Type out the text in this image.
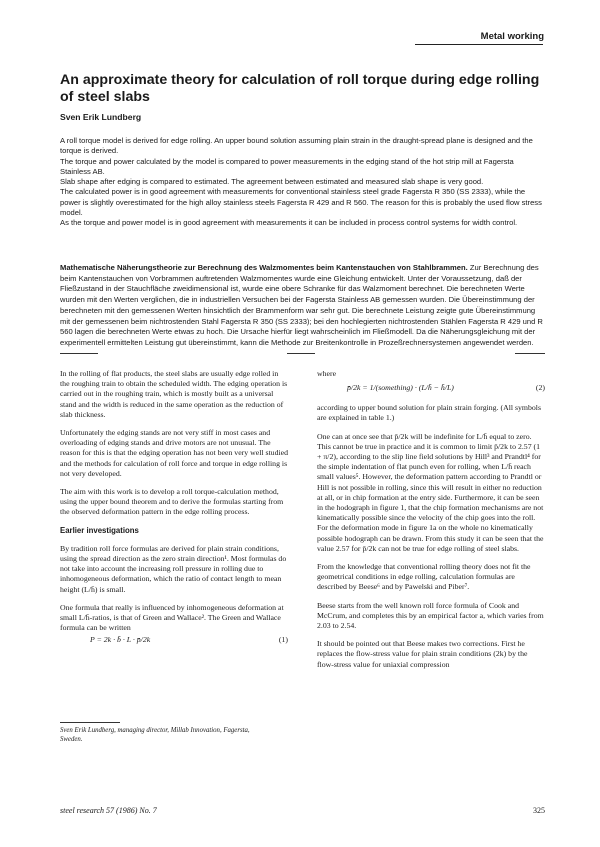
Metal working
An approximate theory for calculation of roll torque during edge rolling of steel slabs
Sven Erik Lundberg

A roll torque model is derived for edge rolling. An upper bound solution assuming plain strain in the draught-spread plane is designed and the torque is derived.

The torque and power calculated by the model is compared to power measurements in the edging stand of the hot strip mill at Fagersta Stainless AB.

Slab shape after edging is compared to estimated. The agreement between estimated and measured slab shape is very good.

The calculated power is in good agreement with measurements for conventional stainless steel grade Fagersta R 350 (SS 2333), while the power is slightly overestimated for the high alloy stainless steels Fagersta R 429 and R 560. The reason for this is probably the used flow stress model.

As the torque and power model is in good agreement with measurements it can be included in process control systems for width control.

Mathematische Näherungstheorie zur Berechnung des Walzmomentes beim Kantenstauchen von Stahlbrammen. Zur Berechnung des beim Kantenstauchen von Vorbrammen auftretenden Walzmomentes wurde eine Gleichung entwickelt. Unter der Voraussetzung, daß der Fließzustand in der Stauchfläche zweidimensional ist, wurde eine obere Schranke für das Walzmoment berechnet. Die berechneten Werte wurden mit den Werten verglichen, die in industriellen Versuchen bei der Fagersta Stainless AB gemessen wurden. Die Übereinstimmung der berechneten mit den gemessenen Werten hinsichtlich der Brammenform war sehr gut. Die berechnete Leistung zeigte gute Übereinstimmung mit der gemessenen beim nichtrostenden Stahl Fagersta R 350 (SS 2333); bei den hochlegierten nichtrostenden Stählen Fagersta R 429 und R 560 lagen die berechneten Werte etwas zu hoch. Die Ursache hierfür liegt wahrscheinlich im Fließmodell. Da die Näherungsgleichung mit der experimentell ermittelten Leistung gut übereinstimmt, kann die Methode zur Breitenkontrolle in Prozeßrechnersystemen angewendet werden.

In the rolling of flat products, the steel slabs are usually edge rolled in the roughing train to obtain the scheduled width. The edging operation is carried out in the roughing train, which is mostly built as a universal stand and the width is reduced in the same operation as the reduction of slab thickness.

Unfortunately the edging stands are not very stiff in most cases and overloading of edging stands and drive motors are not unusual. The reason for this is that the edging operation has not been very well studied and the methods for calculation of roll force and torque in edge rolling is not very developed.

The aim with this work is to develop a roll torque-calculation method, using the upper bound theorem and to derive the formulas starting from the observed deformation pattern in the edge rolling process.

Earlier investigations

By tradition roll force formulas are derived for plain strain conditions, using the spread direction as the zero strain direction¹. Most formulas do not take into account the increasing roll pressure in rolling due to inhomogeneous deformation, which the ratio of contact length to mean height (L/h̄) is small.

One formula that really is influenced by inhomogeneous deformation at small L/h̄-ratios, is that of Green and Wallace². The Green and Wallace formula can be written

P = 2k · b̄ · L · p̄/2k	(1)

where

p̄/2k = 1/(something) · (L/h̄ − h̄/L)	(2)

according to upper bound solution for plain strain forging. (All symbols are explained in table 1.)

One can at once see that p̄/2k will be indefinite for L/h̄ equal to zero. This cannot be true in practice and it is common to limit p̄/2k to 2.57 (1 + π/2), according to the slip line field solutions by Hill³ and Prandtl⁴ for the simple indentation of flat punch even for rolling, when L/h̄ reach small values⁵. However, the deformation pattern according to Prandtl or Hill is not possible in rolling, since this will result in either no reduction at all, or in chip formation at the entry side. Furthermore, it can be seen in the hodograph in figure 1, that the chip formation mechanisms are not kinematically possible since the velocity of the chip goes into the roll. For the deformation mode in figure 1a on the whole no kinematically possible hodograph can be drawn. From this study it can be seen that the value 2.57 for p̄/2k can not be true for edge rolling of steel slabs.

From the knowledge that conventional rolling theory does not fit the geometrical conditions in edge rolling, calculation formulas are described by Beese⁶ and by Pawelski and Piber⁷.

Beese starts from the well known roll force formula of Cook and McCrum, and completes this by an empirical factor a, which varies from 2.03 to 2.54.

It should be pointed out that Beese makes two corrections. First he replaces the flow-stress value for plain strain conditions (2k) by the flow-stress value for uniaxial compression

Sven Erik Lundberg, managing director, Millab Innovation, Fagersta, Sweden.
steel research 57 (1986) No. 7	325
